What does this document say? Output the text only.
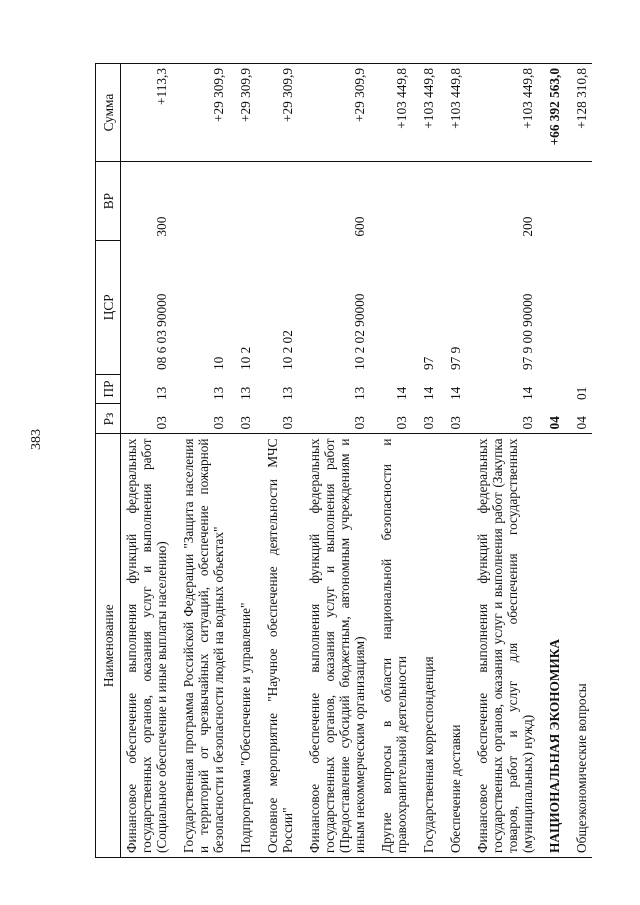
383
Наименование	Рз	ПР	ЦСР	ВР	Сумма
Финансовое обеспечение выполнения функций федеральных государственных органов, оказания услуг и выполнения работ (Социальное обеспечение и иные выплаты населению)	03	13	08 6 03 90000	300	+113,3

Государственная программа Российской Федерации "Защита населения и территорий от чрезвычайных ситуаций, обеспечение пожарной безопасности и безопасности людей на водных объектах"	03	13	10		+29 309,9

Подпрограмма "Обеспечение и управление"	03	13	10 2		+29 309,9

Основное мероприятие "Научное обеспечение деятельности МЧС России"	03	13	10 2 02		+29 309,9

Финансовое обеспечение выполнения функций федеральных государственных органов, оказания услуг и выполнения работ (Предоставление субсидий бюджетным, автономным учреждениям и иным некоммерческим организациям)	03	13	10 2 02 90000	600	+29 309,9

Другие вопросы в области национальной безопасности и правоохранительной деятельности	03	14			+103 449,8

Государственная корреспонденция	03	14	97		+103 449,8

Обеспечение доставки	03	14	97 9		+103 449,8

Финансовое обеспечение выполнения функций федеральных государственных органов, оказания услуг и выполнения работ (Закупка товаров, работ и услуг для обеспечения государственных (муниципальных) нужд)	03	14	97 9 00 90000	200	+103 449,8

НАЦИОНАЛЬНАЯ ЭКОНОМИКА	04				+66 392 563,0

Общеэкономические вопросы	04	01			+128 310,8
